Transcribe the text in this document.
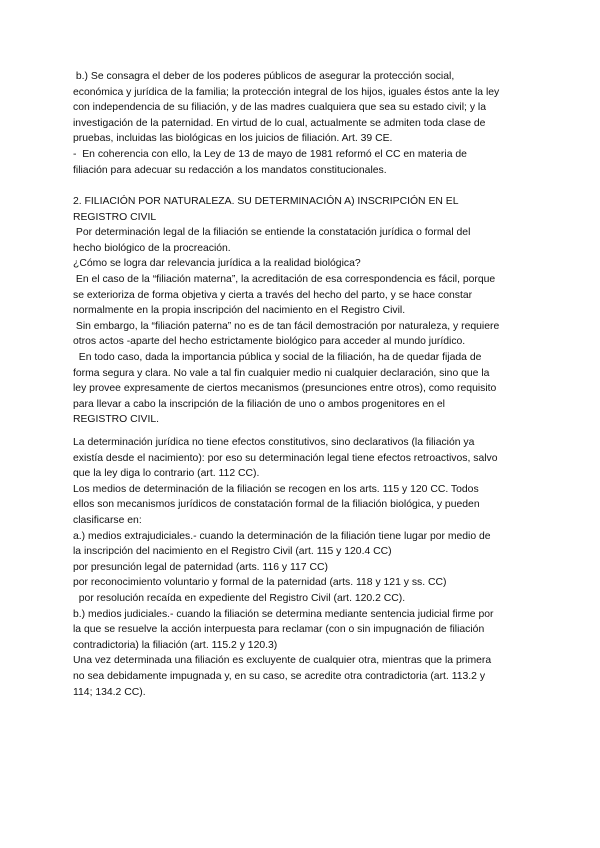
b.) Se consagra el deber de los poderes públicos de asegurar la protección social,
económica y jurídica de la familia; la protección integral de los hijos, iguales éstos ante la ley
con independencia de su filiación, y de las madres cualquiera que sea su estado civil; y la
investigación de la paternidad. En virtud de lo cual, actualmente se admiten toda clase de
pruebas, incluidas las biológicas en los juicios de filiación. Art. 39 CE.
-  En coherencia con ello, la Ley de 13 de mayo de 1981 reformó el CC en materia de
filiación para adecuar su redacción a los mandatos constitucionales.
2. FILIACIÓN POR NATURALEZA. SU DETERMINACIÓN A) INSCRIPCIÓN EN EL
REGISTRO CIVIL
Por determinación legal de la filiación se entiende la constatación jurídica o formal del
hecho biológico de la procreación.
¿Cómo se logra dar relevancia jurídica a la realidad biológica?
En el caso de la “filiación materna”, la acreditación de esa correspondencia es fácil, porque
se exterioriza de forma objetiva y cierta a través del hecho del parto, y se hace constar
normalmente en la propia inscripción del nacimiento en el Registro Civil.
Sin embargo, la “filiación paterna” no es de tan fácil demostración por naturaleza, y requiere
otros actos -aparte del hecho estrictamente biológico para acceder al mundo jurídico.
En todo caso, dada la importancia pública y social de la filiación, ha de quedar fijada de
forma segura y clara. No vale a tal fin cualquier medio ni cualquier declaración, sino que la
ley provee expresamente de ciertos mecanismos (presunciones entre otros), como requisito
para llevar a cabo la inscripción de la filiación de uno o ambos progenitores en el
REGISTRO CIVIL.
La determinación jurídica no tiene efectos constitutivos, sino declarativos (la filiación ya
existía desde el nacimiento): por eso su determinación legal tiene efectos retroactivos, salvo
que la ley diga lo contrario (art. 112 CC).
Los medios de determinación de la filiación se recogen en los arts. 115 y 120 CC. Todos
ellos son mecanismos jurídicos de constatación formal de la filiación biológica, y pueden
clasificarse en:
a.) medios extrajudiciales.- cuando la determinación de la filiación tiene lugar por medio de
la inscripción del nacimiento en el Registro Civil (art. 115 y 120.4 CC)
por presunción legal de paternidad (arts. 116 y 117 CC)
por reconocimiento voluntario y formal de la paternidad (arts. 118 y 121 y ss. CC)
por resolución recaída en expediente del Registro Civil (art. 120.2 CC).
b.) medios judiciales.- cuando la filiación se determina mediante sentencia judicial firme por
la que se resuelve la acción interpuesta para reclamar (con o sin impugnación de filiación
contradictoria) la filiación (art. 115.2 y 120.3)
Una vez determinada una filiación es excluyente de cualquier otra, mientras que la primera
no sea debidamente impugnada y, en su caso, se acredite otra contradictoria (art. 113.2 y
114; 134.2 CC).
